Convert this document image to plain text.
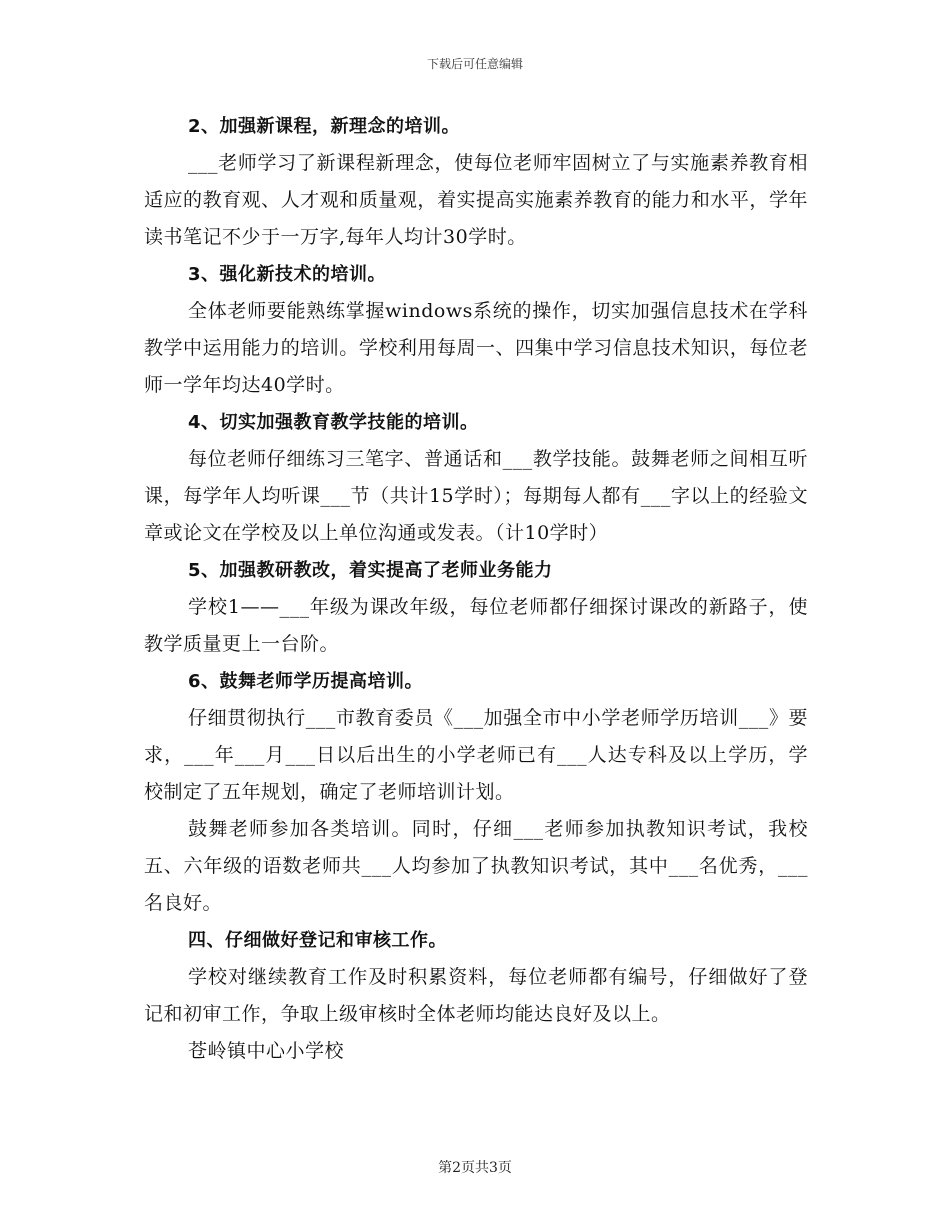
下载后可任意编辑

2、加强新课程，新理念的培训。

___老师学习了新课程新理念，使每位老师牢固树立了与实施素养教育相适应的教育观、人才观和质量观，着实提高实施素养教育的能力和水平，学年读书笔记不少于一万字,每年人均计30学时。

3、强化新技术的培训。

全体老师要能熟练掌握windows系统的操作，切实加强信息技术在学科教学中运用能力的培训。学校利用每周一、四集中学习信息技术知识，每位老师一学年均达40学时。

4、切实加强教育教学技能的培训。

每位老师仔细练习三笔字、普通话和___教学技能。鼓舞老师之间相互听课，每学年人均听课___节（共计15学时）；每期每人都有___字以上的经验文章或论文在学校及以上单位沟通或发表。（计10学时）

5、加强教研教改，着实提高了老师业务能力

学校1——___年级为课改年级，每位老师都仔细探讨课改的新路子，使教学质量更上一台阶。

6、鼓舞老师学历提高培训。

仔细贯彻执行___市教育委员《___加强全市中小学老师学历培训___》要求，___年___月___日以后出生的小学老师已有___人达专科及以上学历，学校制定了五年规划，确定了老师培训计划。

鼓舞老师参加各类培训。同时，仔细___老师参加执教知识考试，我校五、六年级的语数老师共___人均参加了执教知识考试，其中___名优秀，___名良好。

四、仔细做好登记和审核工作。

学校对继续教育工作及时积累资料，每位老师都有编号，仔细做好了登记和初审工作，争取上级审核时全体老师均能达良好及以上。

苍岭镇中心小学校

第2页共3页
